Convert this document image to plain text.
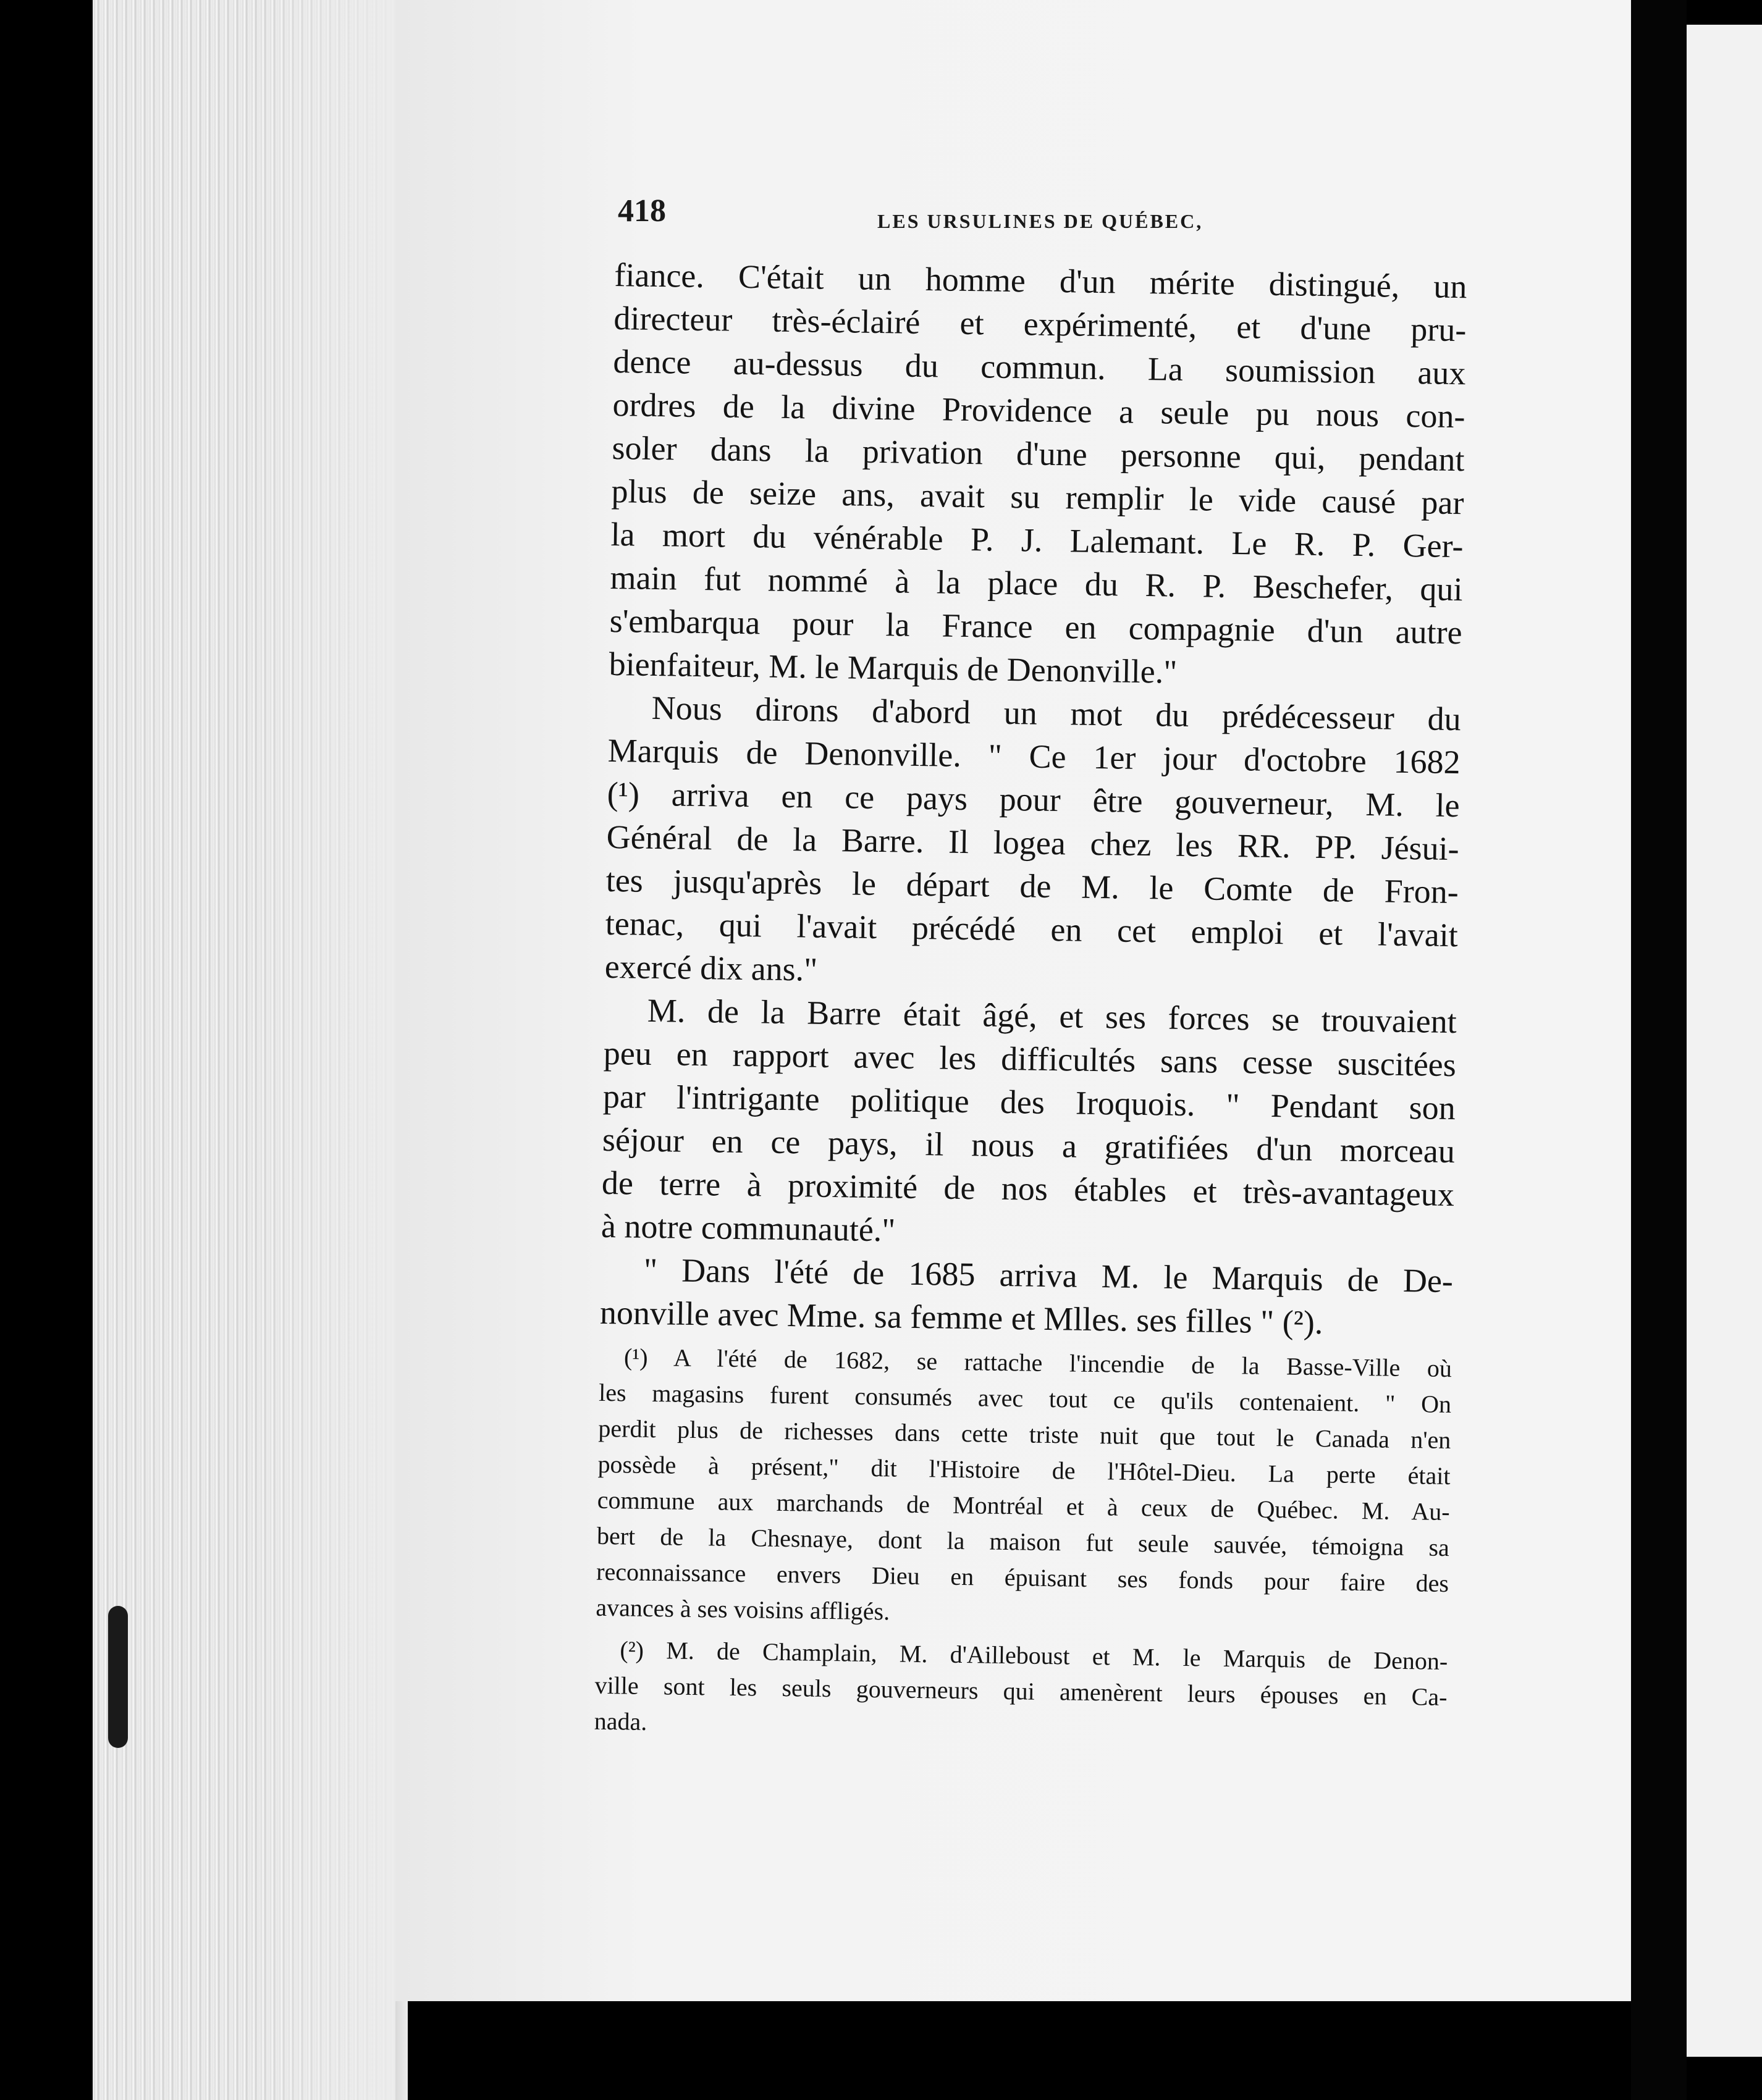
418	LES URSULINES DE QUÉBEC,
fiance. C'était un homme d'un mérite distingué, un
directeur très-éclairé et expérimenté, et d'une pru-
dence au-dessus du commun. La soumission aux
ordres de la divine Providence a seule pu nous con-
soler dans la privation d'une personne qui, pendant
plus de seize ans, avait su remplir le vide causé par
la mort du vénérable P. J. Lalemant. Le R. P. Ger-
main fut nommé à la place du R. P. Beschefer, qui
s'embarqua pour la France en compagnie d'un autre
bienfaiteur, M. le Marquis de Denonville."
Nous dirons d'abord un mot du prédécesseur du
Marquis de Denonville. " Ce 1er jour d'octobre 1682
(¹) arriva en ce pays pour être gouverneur, M. le
Général de la Barre. Il logea chez les RR. PP. Jésui-
tes jusqu'après le départ de M. le Comte de Fron-
tenac, qui l'avait précédé en cet emploi et l'avait
exercé dix ans."
M. de la Barre était âgé, et ses forces se trouvaient
peu en rapport avec les difficultés sans cesse suscitées
par l'intrigante politique des Iroquois. " Pendant son
séjour en ce pays, il nous a gratifiées d'un morceau
de terre à proximité de nos étables et très-avantageux
à notre communauté."
" Dans l'été de 1685 arriva M. le Marquis de De-
nonville avec Mme. sa femme et Mlles. ses filles " (²).
(¹) A l'été de 1682, se rattache l'incendie de la Basse-Ville où
les magasins furent consumés avec tout ce qu'ils contenaient. " On
perdit plus de richesses dans cette triste nuit que tout le Canada n'en
possède à présent," dit l'Histoire de l'Hôtel-Dieu. La perte était
commune aux marchands de Montréal et à ceux de Québec. M. Au-
bert de la Chesnaye, dont la maison fut seule sauvée, témoigna sa
reconnaissance envers Dieu en épuisant ses fonds pour faire des
avances à ses voisins affligés.
(²) M. de Champlain, M. d'Ailleboust et M. le Marquis de Denon-
ville sont les seuls gouverneurs qui amenèrent leurs épouses en Ca-
nada.
